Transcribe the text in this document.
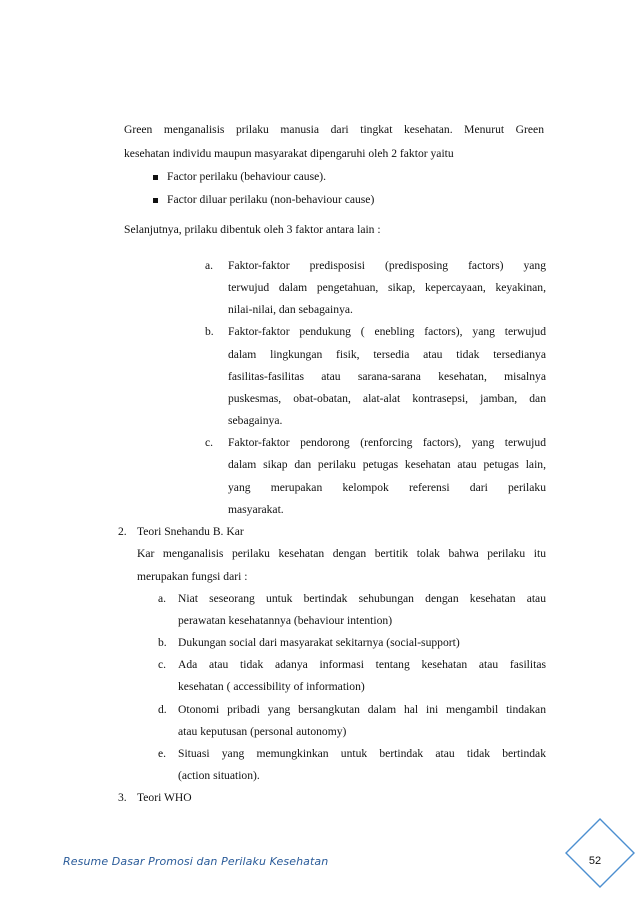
Green menganalisis prilaku manusia dari tingkat kesehatan. Menurut Green
kesehatan individu maupun masyarakat dipengaruhi oleh 2 faktor yaitu
Factor perilaku (behaviour cause).
Factor diluar perilaku (non-behaviour cause)
Selanjutnya, prilaku dibentuk oleh 3 faktor antara lain :
a. Faktor-faktor predisposisi (predisposing factors) yang
terwujud dalam pengetahuan, sikap, kepercayaan, keyakinan,
nilai-nilai, dan sebagainya.
b. Faktor-faktor pendukung ( enebling factors), yang terwujud
dalam lingkungan fisik, tersedia atau tidak tersedianya
fasilitas-fasilitas atau sarana-sarana kesehatan, misalnya
puskesmas, obat-obatan, alat-alat kontrasepsi, jamban, dan
sebagainya.
c. Faktor-faktor pendorong (renforcing factors), yang terwujud
dalam sikap dan perilaku petugas kesehatan atau petugas lain,
yang merupakan kelompok referensi dari perilaku
masyarakat.
2. Teori Snehandu B. Kar
Kar menganalisis perilaku kesehatan dengan bertitik tolak bahwa perilaku itu
merupakan fungsi dari :
a. Niat seseorang untuk bertindak sehubungan dengan kesehatan atau
perawatan kesehatannya (behaviour intention)
b. Dukungan social dari masyarakat sekitarnya (social-support)
c. Ada atau tidak adanya informasi tentang kesehatan atau fasilitas
kesehatan ( accessibility of information)
d. Otonomi pribadi yang bersangkutan dalam hal ini mengambil tindakan
atau keputusan (personal autonomy)
e. Situasi yang memungkinkan untuk bertindak atau tidak bertindak
(action situation).
3. Teori WHO
Resume Dasar Promosi dan Perilaku Kesehatan	52
